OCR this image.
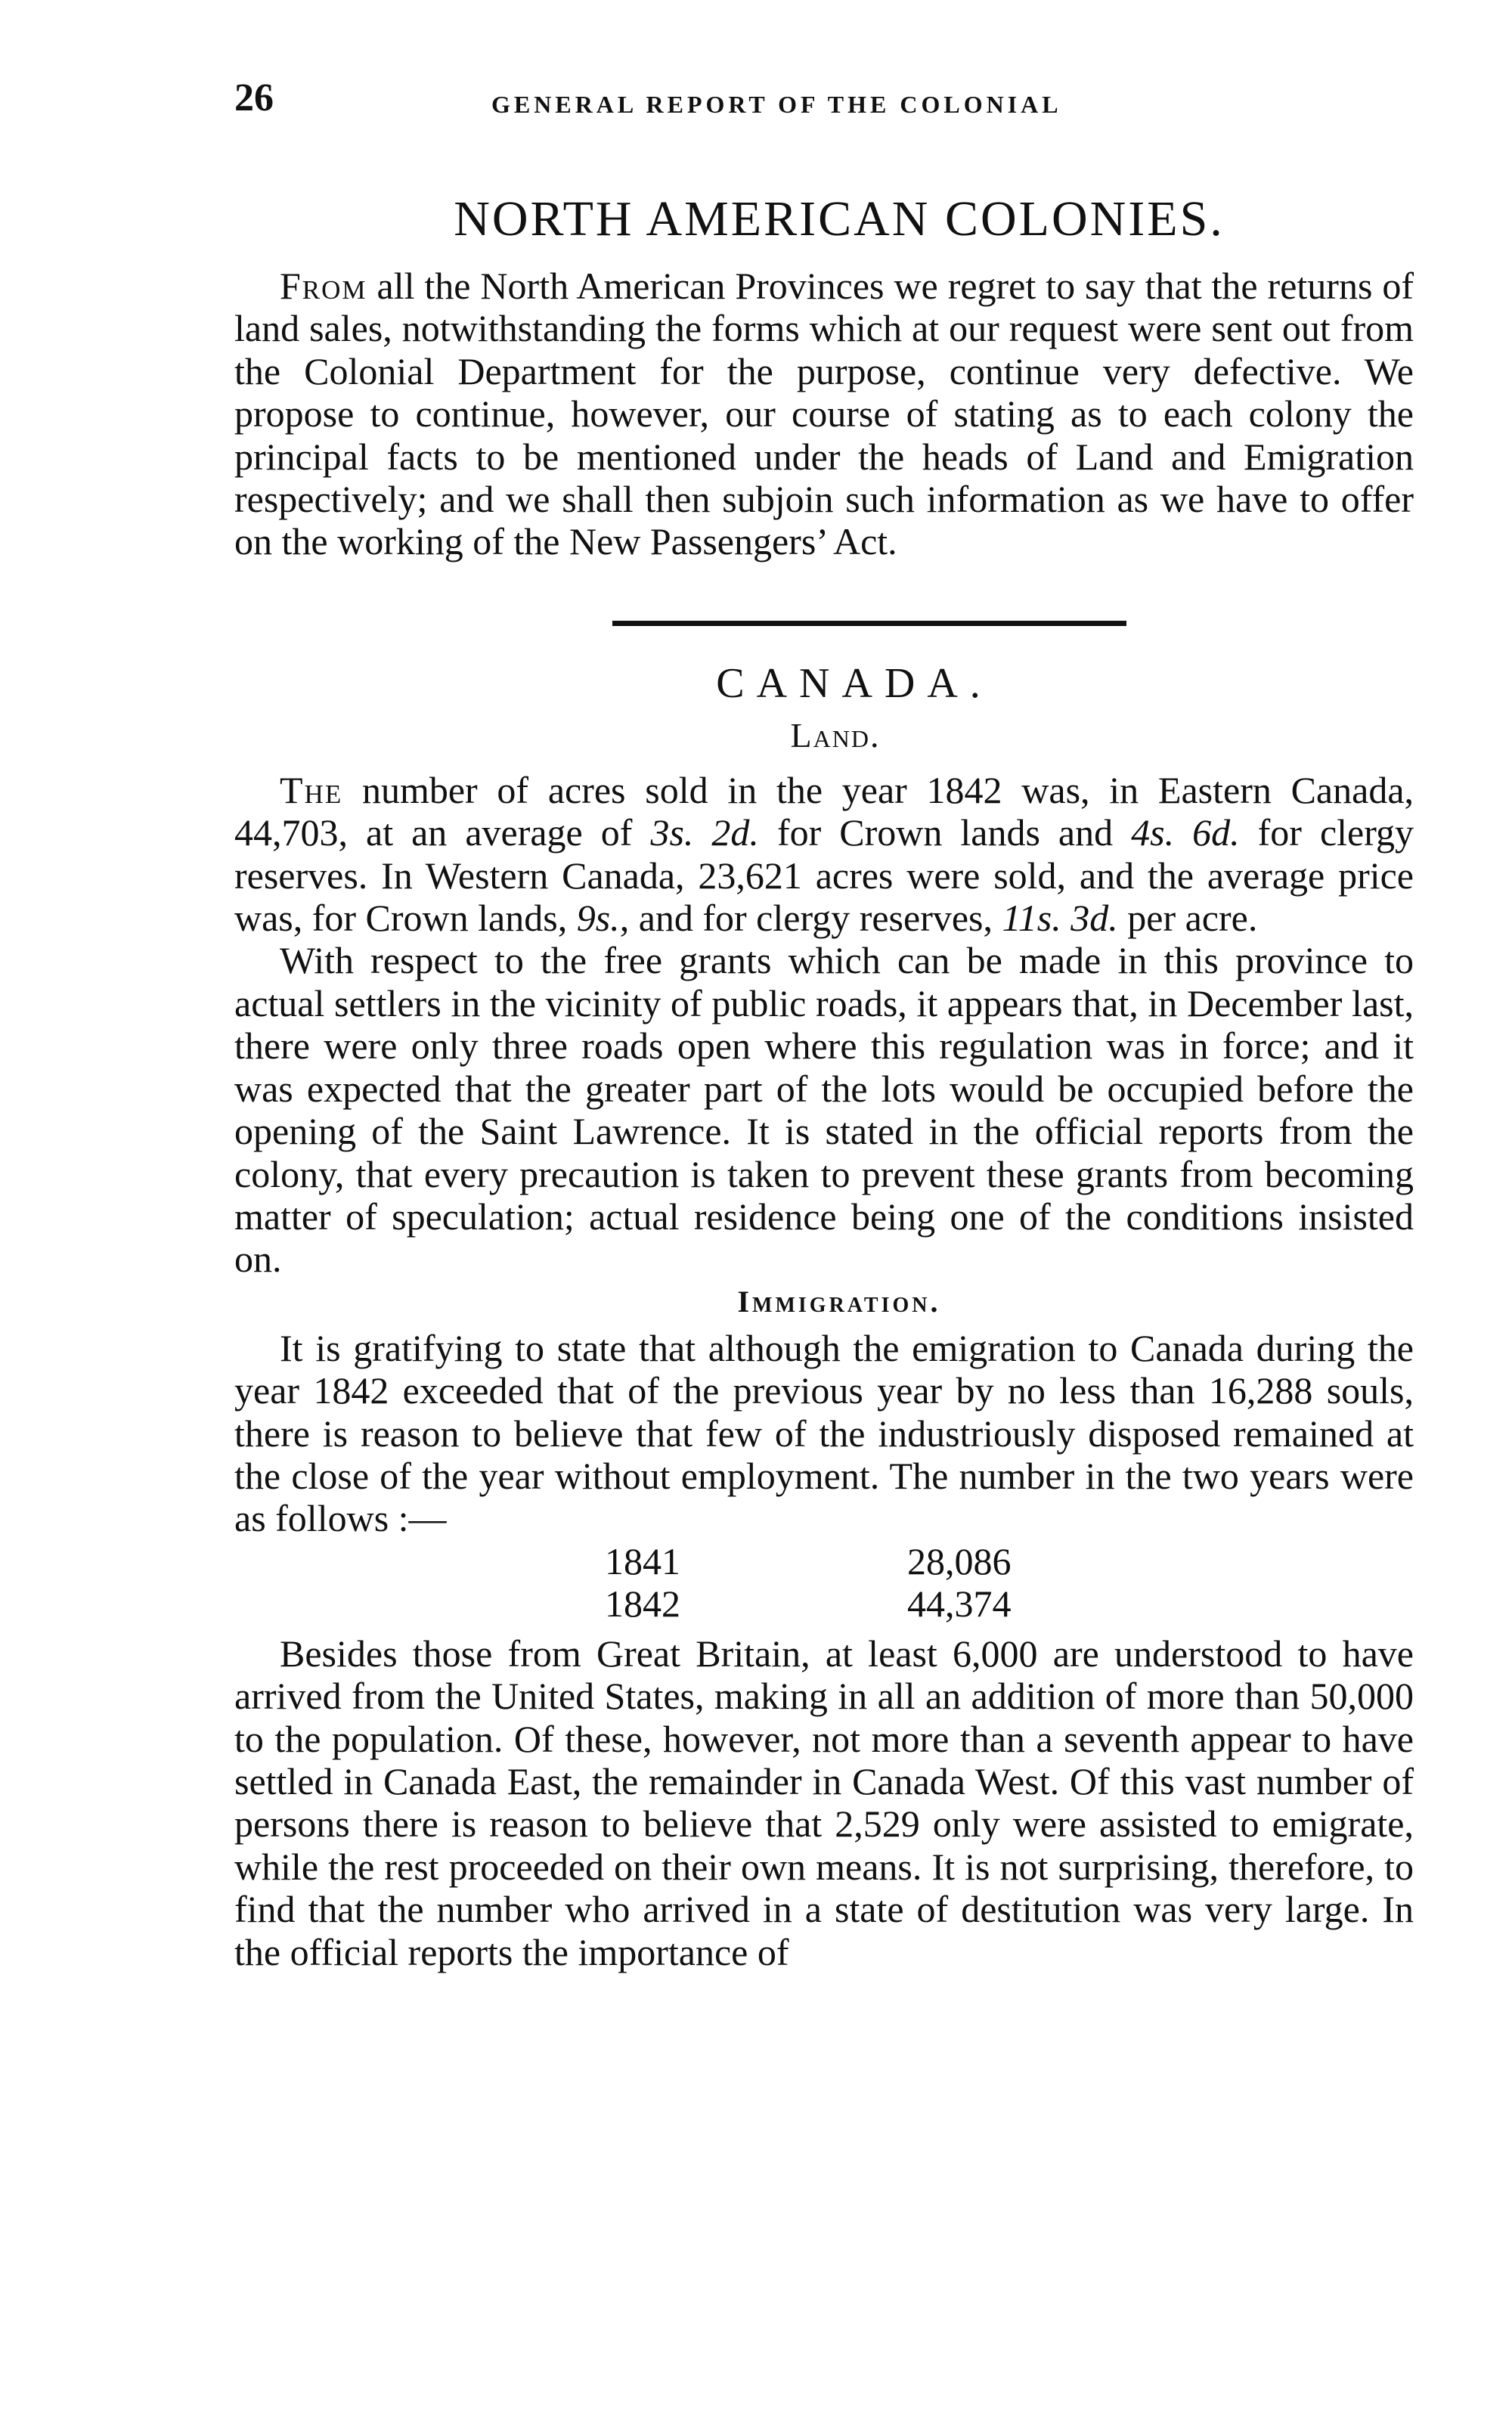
26	GENERAL REPORT OF THE COLONIAL
NORTH AMERICAN COLONIES.

From all the North American Provinces we regret to say that the returns of land sales, notwithstanding the forms which at our request were sent out from the Colonial Department for the purpose, continue very defective. We propose to continue, however, our course of stating as to each colony the principal facts to be mentioned under the heads of Land and Emigration respectively; and we shall then subjoin such information as we have to offer on the working of the New Passengers’ Act.

CANADA.
Land.

The number of acres sold in the year 1842 was, in Eastern Canada, 44,703, at an average of 3s. 2d. for Crown lands and 4s. 6d. for clergy reserves. In Western Canada, 23,621 acres were sold, and the average price was, for Crown lands, 9s., and for clergy reserves, 11s. 3d. per acre.

With respect to the free grants which can be made in this province to actual settlers in the vicinity of public roads, it appears that, in December last, there were only three roads open where this regulation was in force; and it was expected that the greater part of the lots would be occupied before the opening of the Saint Lawrence. It is stated in the official reports from the colony, that every precaution is taken to prevent these grants from becoming matter of speculation; actual residence being one of the conditions insisted on.

Immigration.

It is gratifying to state that although the emigration to Canada during the year 1842 exceeded that of the previous year by no less than 16,288 souls, there is reason to believe that few of the industriously disposed remained at the close of the year without employment. The number in the two years were as follows :—

1841	28,086
1842	44,374

Besides those from Great Britain, at least 6,000 are understood to have arrived from the United States, making in all an addition of more than 50,000 to the population. Of these, however, not more than a seventh appear to have settled in Canada East, the remainder in Canada West. Of this vast number of persons there is reason to believe that 2,529 only were assisted to emigrate, while the rest proceeded on their own means. It is not surprising, therefore, to find that the number who arrived in a state of destitution was very large. In the official reports the importance of
